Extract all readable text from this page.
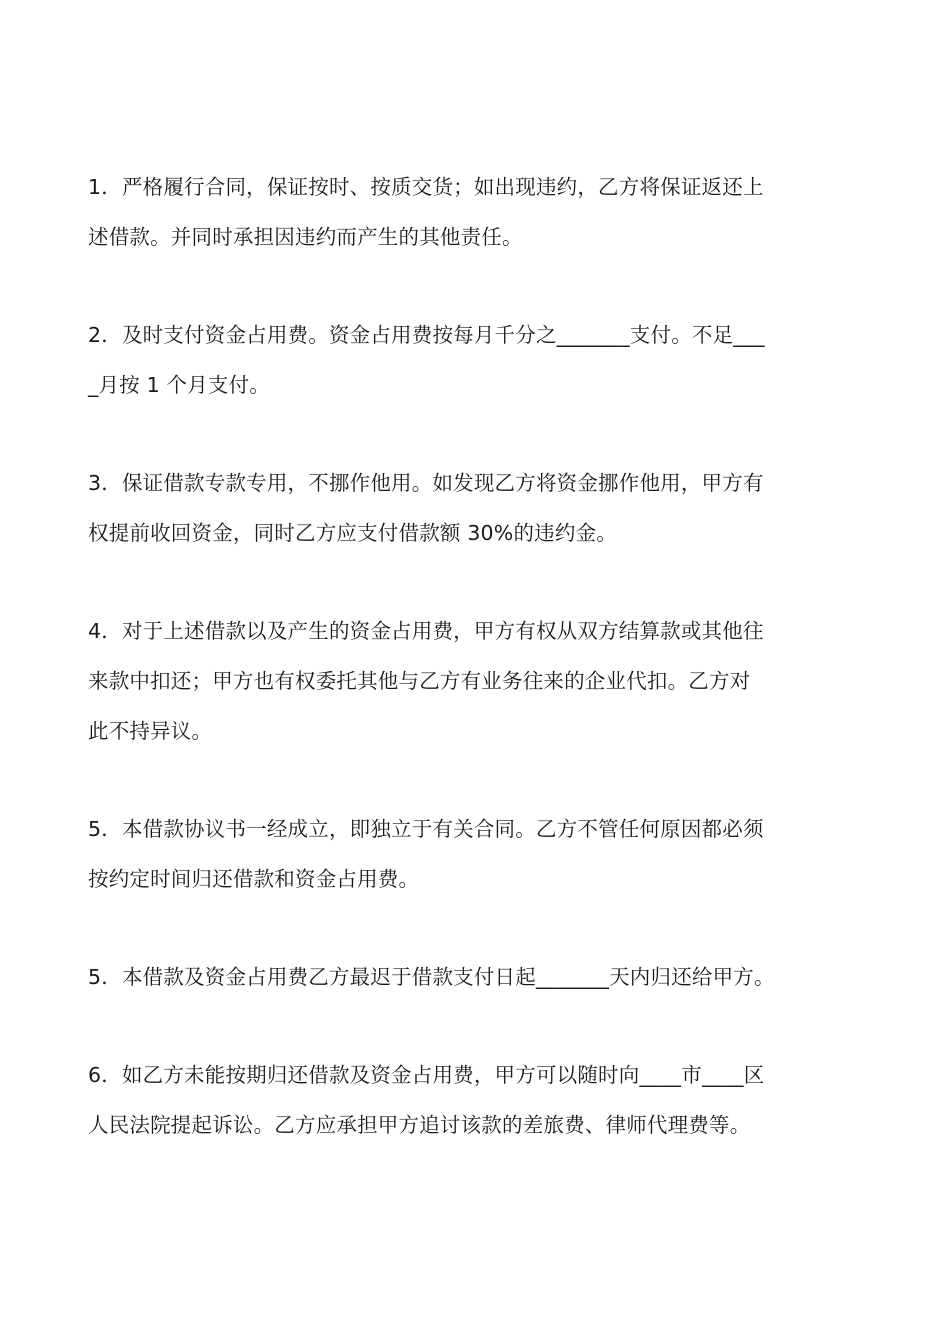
1．严格履行合同，保证按时、按质交货；如出现违约，乙方将保证返还上
述借款。并同时承担因违约而产生的其他责任。
2．及时支付资金占用费。资金占用费按每月千分之_______支付。不足___
_月按 1 个月支付。
3．保证借款专款专用，不挪作他用。如发现乙方将资金挪作他用，甲方有
权提前收回资金，同时乙方应支付借款额 30%的违约金。
4．对于上述借款以及产生的资金占用费，甲方有权从双方结算款或其他往
来款中扣还；甲方也有权委托其他与乙方有业务往来的企业代扣。乙方对
此不持异议。
5．本借款协议书一经成立，即独立于有关合同。乙方不管任何原因都必须
按约定时间归还借款和资金占用费。
5．本借款及资金占用费乙方最迟于借款支付日起_______天内归还给甲方。
6．如乙方未能按期归还借款及资金占用费，甲方可以随时向____市____区
人民法院提起诉讼。乙方应承担甲方追讨该款的差旅费、律师代理费等。
